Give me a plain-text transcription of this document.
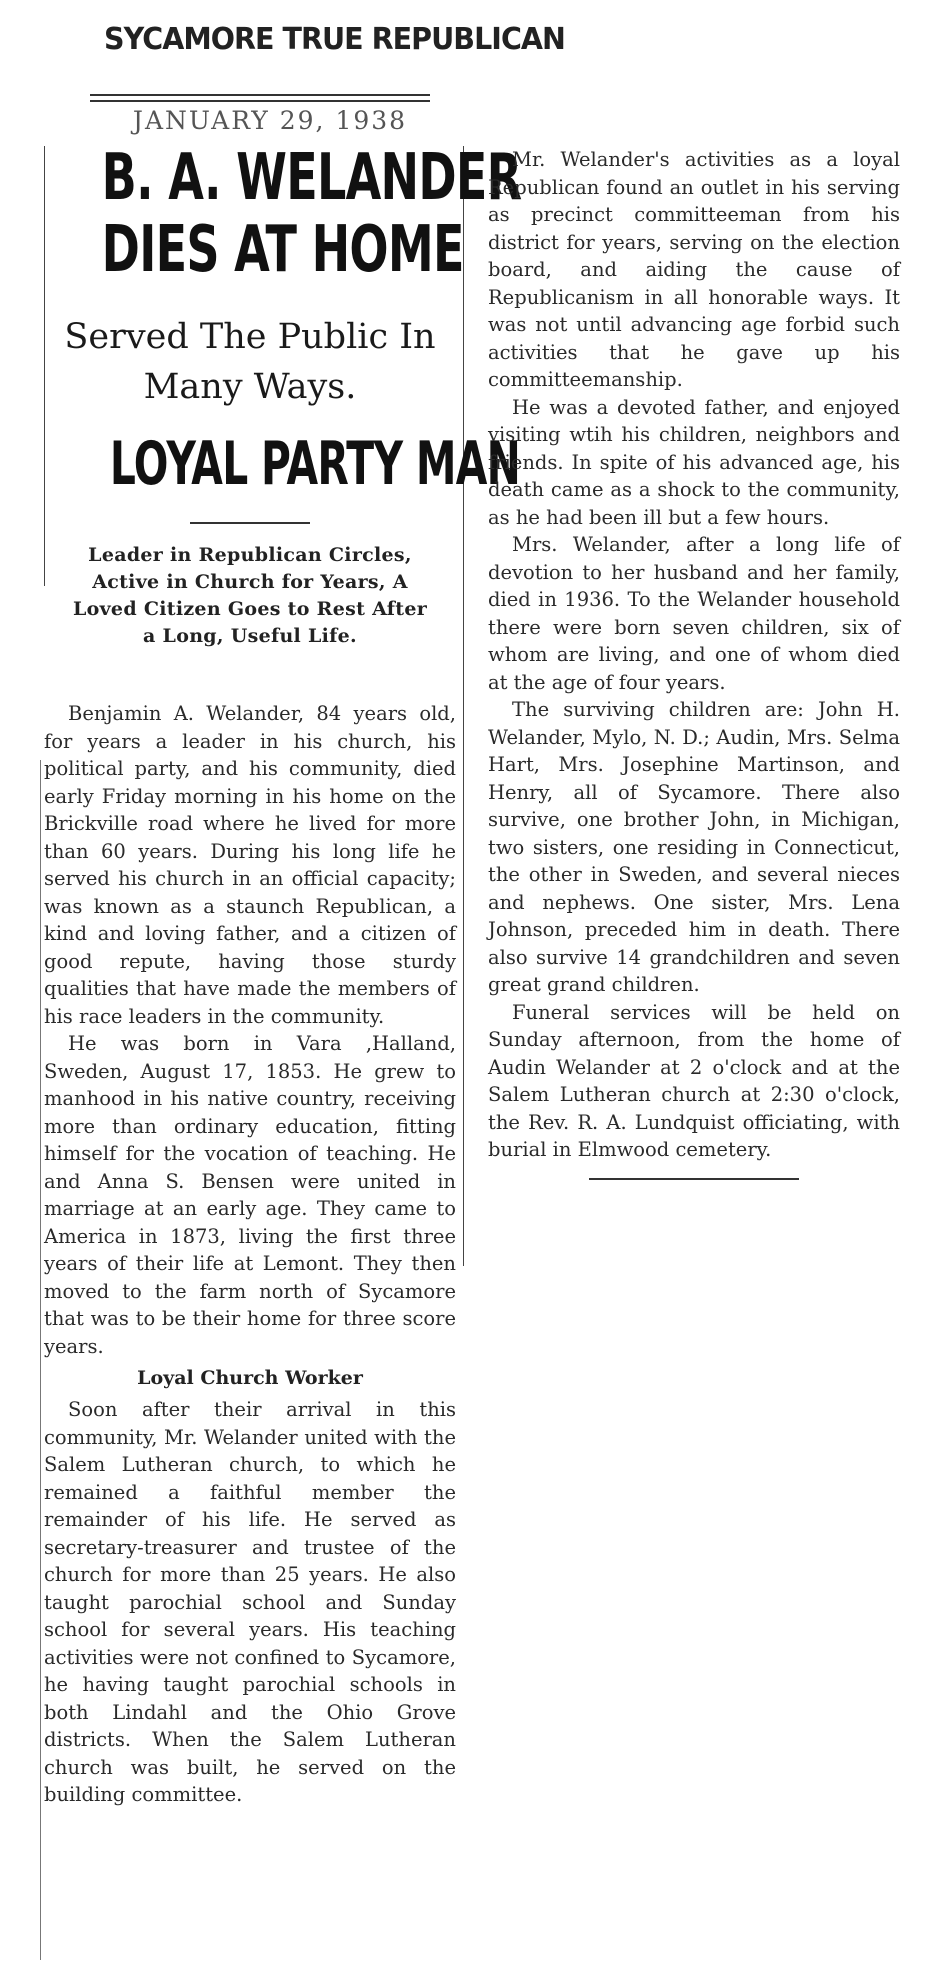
SYCAMORE TRUE REPUBLICAN
JANUARY 29, 1938

B. A. WELANDER

DIES AT HOME

Served The Public In Many Ways.

LOYAL PARTY MAN

Leader in Republican Circles, Active in Church for Years, A Loved Citizen Goes to Rest After a Long, Useful Life.

Benjamin A. Welander, 84 years old, for years a leader in his church, his political party, and his community, died early Friday morning in his home on the Brickville road where he lived for more than 60 years. During his long life he served his church in an official capacity; was known as a staunch Republican, a kind and loving father, and a citizen of good repute, having those sturdy qualities that have made the members of his race leaders in the community.

He was born in Vara ,Halland, Sweden, August 17, 1853. He grew to manhood in his native country, receiving more than ordinary education, fitting himself for the vocation of teaching. He and Anna S. Bensen were united in marriage at an early age. They came to America in 1873, living the first three years of their life at Lemont. They then moved to the farm north of Sycamore that was to be their home for three score years.

Loyal Church Worker

Soon after their arrival in this community, Mr. Welander united with the Salem Lutheran church, to which he remained a faithful member the remainder of his life. He served as secretary-treasurer and trustee of the church for more than 25 years. He also taught parochial school and Sunday school for several years. His teaching activities were not confined to Sycamore, he having taught parochial schools in both Lindahl and the Ohio Grove districts. When the Salem Lutheran church was built, he served on the building committee.

Mr. Welander's activities as a loyal Republican found an outlet in his serving as precinct committeeman from his district for years, serving on the election board, and aiding the cause of Republicanism in all honorable ways. It was not until advancing age forbid such activities that he gave up his committeemanship.

He was a devoted father, and enjoyed visiting wtih his children, neighbors and friends. In spite of his advanced age, his death came as a shock to the community, as he had been ill but a few hours.

Mrs. Welander, after a long life of devotion to her husband and her family, died in 1936. To the Welander household there were born seven children, six of whom are living, and one of whom died at the age of four years.

The surviving children are: John H. Welander, Mylo, N. D.; Audin, Mrs. Selma Hart, Mrs. Josephine Martinson, and Henry, all of Sycamore. There also survive, one brother John, in Michigan, two sisters, one residing in Connecticut, the other in Sweden, and several nieces and nephews. One sister, Mrs. Lena Johnson, preceded him in death. There also survive 14 grandchildren and seven great grand children.

Funeral services will be held on Sunday afternoon, from the home of Audin Welander at 2 o'clock and at the Salem Lutheran church at 2:30 o'clock, the Rev. R. A. Lundquist officiating, with burial in Elmwood cemetery.
